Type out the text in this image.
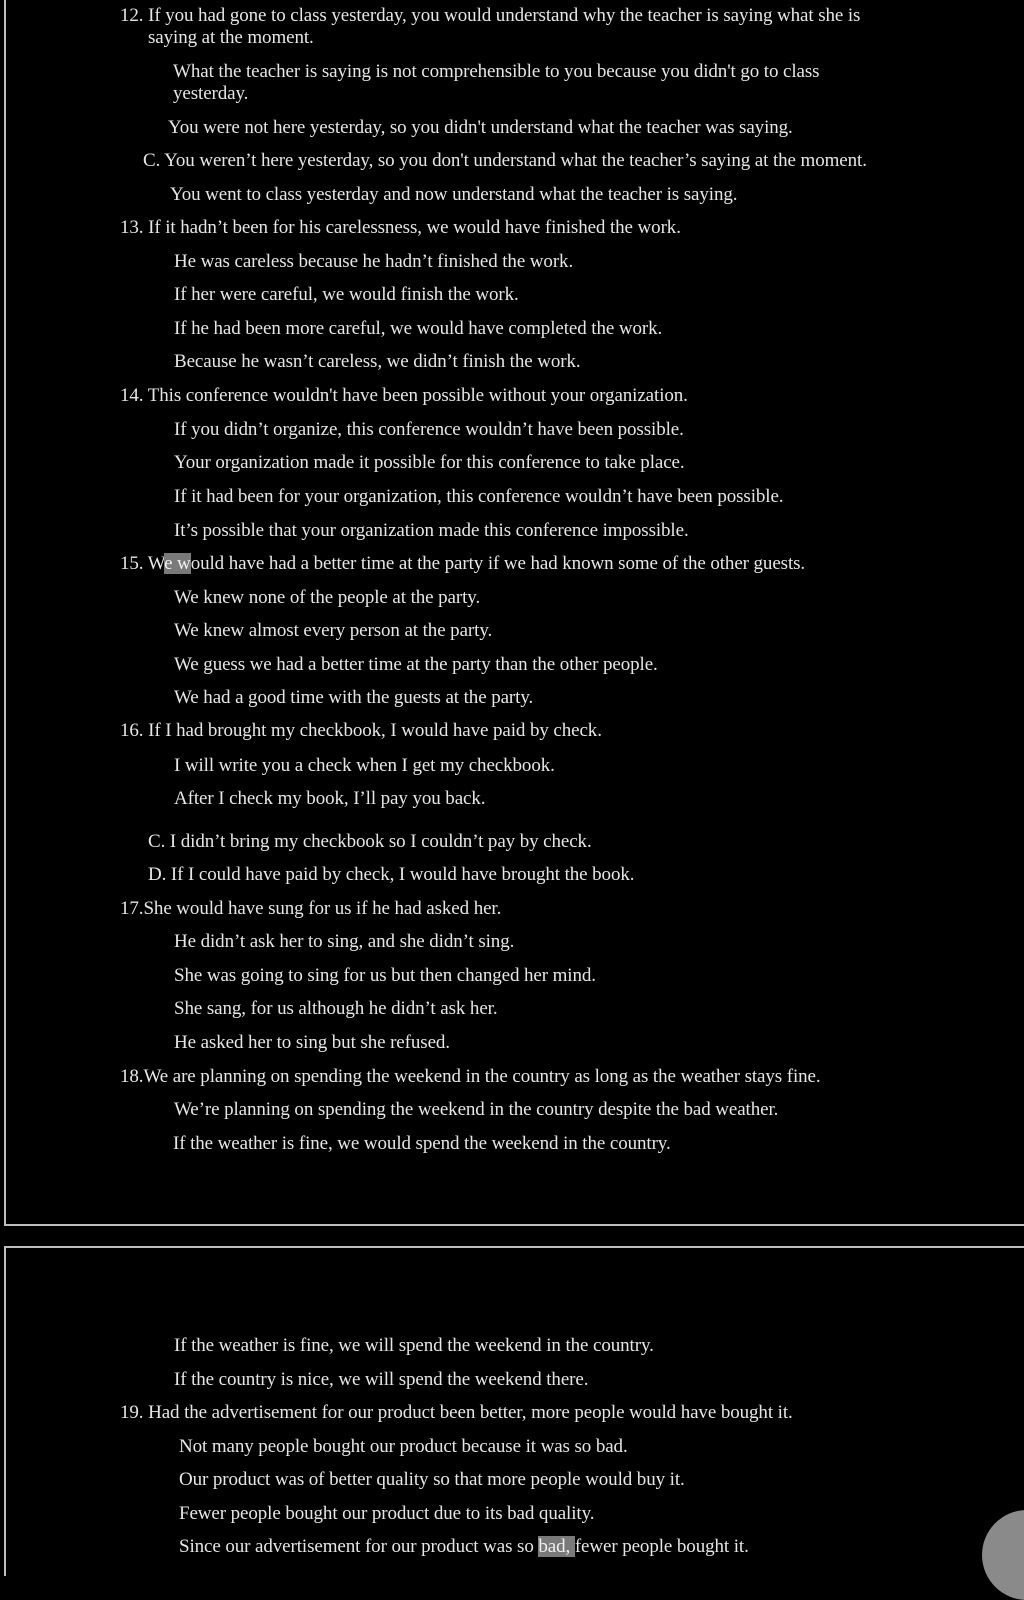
12. If you had gone to class yesterday, you would understand why the teacher is saying what she is
saying at the moment.
What the teacher is saying is not comprehensible to you because you didn't go to class
yesterday.
You were not here yesterday, so you didn't understand what the teacher was saying.
C. You weren’t here yesterday, so you don't understand what the teacher’s saying at the moment.
You went to class yesterday and now understand what the teacher is saying.
13. If it hadn’t been for his carelessness, we would have finished the work.
He was careless because he hadn’t finished the work.
If her were careful, we would finish the work.
If he had been more careful, we would have completed the work.
Because he wasn’t careless, we didn’t finish the work.
14. This conference wouldn't have been possible without your organization.
If you didn’t organize, this conference wouldn’t have been possible.
Your organization made it possible for this conference to take place.
If it had been for your organization, this conference wouldn’t have been possible.
It’s possible that your organization made this conference impossible.
15. We would have had a better time at the party if we had known some of the other guests.
We knew none of the people at the party.
We knew almost every person at the party.
We guess we had a better time at the party than the other people.
We had a good time with the guests at the party.
16. If I had brought my checkbook, I would have paid by check.
I will write you a check when I get my checkbook.
After I check my book, I’ll pay you back.
C. I didn’t bring my checkbook so I couldn’t pay by check.
D. If I could have paid by check, I would have brought the book.
17.She would have sung for us if he had asked her.
He didn’t ask her to sing, and she didn’t sing.
She was going to sing for us but then changed her mind.
She sang, for us although he didn’t ask her.
He asked her to sing but she refused.
18.We are planning on spending the weekend in the country as long as the weather stays fine.
We’re planning on spending the weekend in the country despite the bad weather.
If the weather is fine, we would spend the weekend in the country.
If the weather is fine, we will spend the weekend in the country.
If the country is nice, we will spend the weekend there.
19. Had the advertisement for our product been better, more people would have bought it.
Not many people bought our product because it was so bad.
Our product was of better quality so that more people would buy it.
Fewer people bought our product due to its bad quality.
Since our advertisement for our product was so bad, fewer people bought it.
